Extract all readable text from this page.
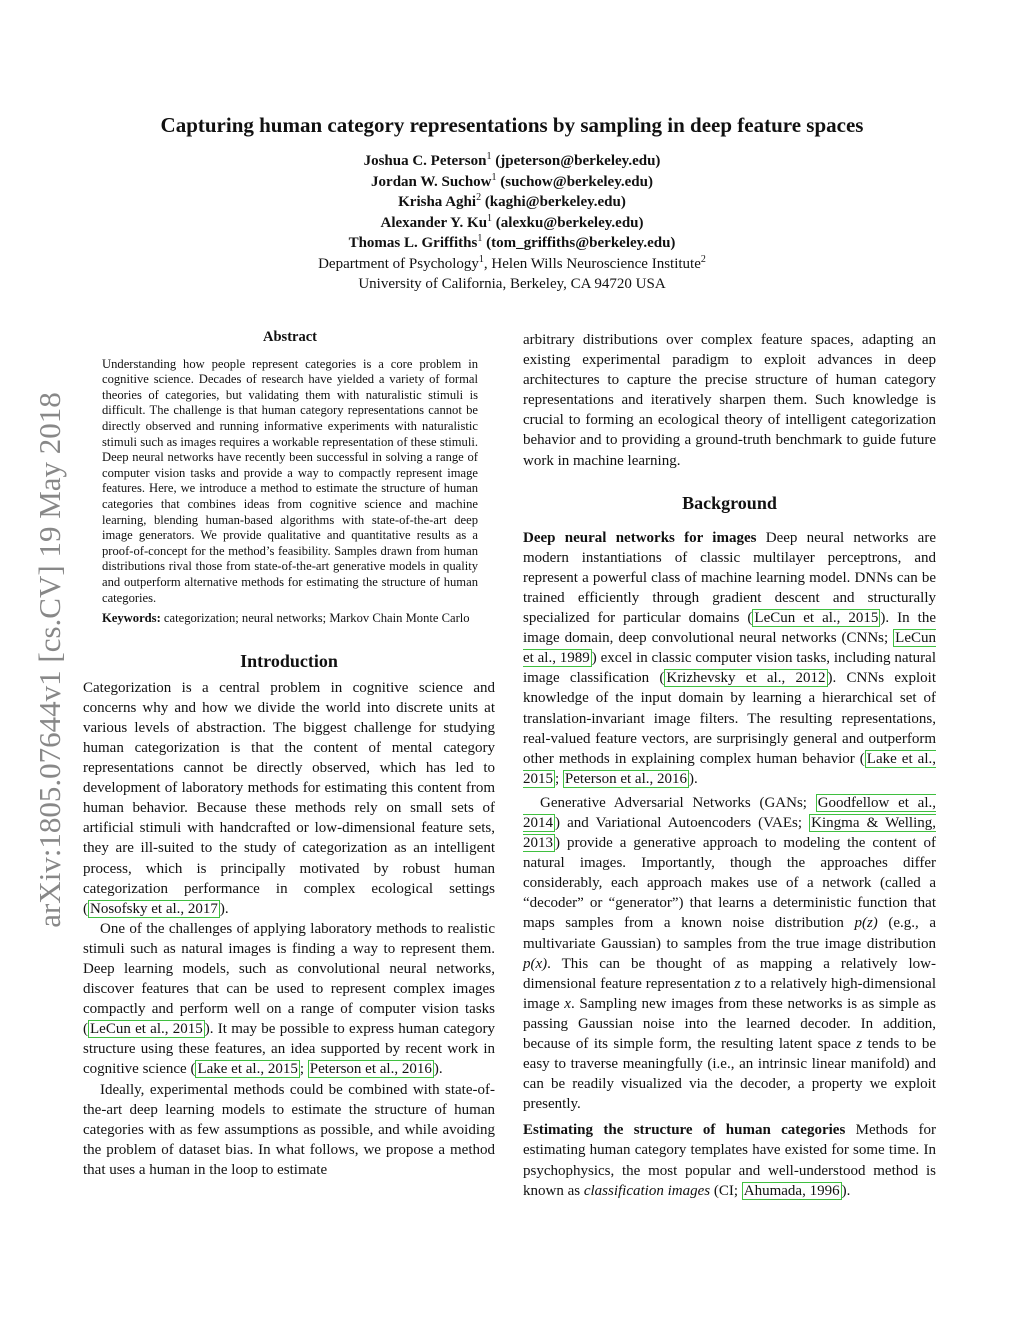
Capturing human category representations by sampling in deep feature spaces
Joshua C. Peterson$^1$ (jpeterson@berkeley.edu)
Jordan W. Suchow$^1$ (suchow@berkeley.edu)
Krisha Aghi$^2$ (kaghi@berkeley.edu)
Alexander Y. Ku$^1$ (alexku@berkeley.edu)
Thomas L. Griffiths$^1$ (tom_griffiths@berkeley.edu)
Department of Psychology$^1$, Helen Wills Neuroscience Institute$^2$
University of California, Berkeley, CA 94720 USA
arXiv:1805.07644v1 [cs.CV] 19 May 2018
Abstract

Understanding how people represent categories is a core problem in cognitive science. Decades of research have yielded a variety of formal theories of categories, but validating them with naturalistic stimuli is difficult. The challenge is that human category representations cannot be directly observed and running informative experiments with naturalistic stimuli such as images requires a workable representation of these stimuli. Deep neural networks have recently been successful in solving a range of computer vision tasks and provide a way to compactly represent image features. Here, we introduce a method to estimate the structure of human categories that combines ideas from cognitive science and machine learning, blending human-based algorithms with state-of-the-art deep image generators. We provide qualitative and quantitative results as a proof-of-concept for the method’s feasibility. Samples drawn from human distributions rival those from state-of-the-art generative models in quality and outperform alternative methods for estimating the structure of human categories.

Keywords: categorization; neural networks; Markov Chain Monte Carlo

Introduction

Categorization is a central problem in cognitive science and concerns why and how we divide the world into discrete units at various levels of abstraction. The biggest challenge for studying human categorization is that the content of mental category representations cannot be directly observed, which has led to development of laboratory methods for estimating this content from human behavior. Because these methods rely on small sets of artificial stimuli with handcrafted or low-dimensional feature sets, they are ill-suited to the study of categorization as an intelligent process, which is principally motivated by robust human categorization performance in complex ecological settings ( Nosofsky et al., 2017 ).

One of the challenges of applying laboratory methods to realistic stimuli such as natural images is finding a way to represent them. Deep learning models, such as convolutional neural networks, discover features that can be used to represent complex images compactly and perform well on a range of computer vision tasks ( LeCun et al., 2015 ). It may be possible to express human category structure using these features, an idea supported by recent work in cognitive science ( Lake et al., 2015 ; Peterson et al., 2016 ).

Ideally, experimental methods could be combined with state-of-the-art deep learning models to estimate the structure of human categories with as few assumptions as possible, and while avoiding the problem of dataset bias. In what follows, we propose a method that uses a human in the loop to estimate

arbitrary distributions over complex feature spaces, adapting an existing experimental paradigm to exploit advances in deep architectures to capture the precise structure of human category representations and iteratively sharpen them. Such knowledge is crucial to forming an ecological theory of intelligent categorization behavior and to providing a ground-truth benchmark to guide future work in machine learning.

Background

Deep neural networks for images Deep neural networks are modern instantiations of classic multilayer perceptrons, and represent a powerful class of machine learning model. DNNs can be trained efficiently through gradient descent and structurally specialized for particular domains ( LeCun et al., 2015 ). In the image domain, deep convolutional neural networks (CNNs; LeCun et al., 1989 ) excel in classic computer vision tasks, including natural image classification ( Krizhevsky et al., 2012 ). CNNs exploit knowledge of the input domain by learning a hierarchical set of translation-invariant image filters. The resulting representations, real-valued feature vectors, are surprisingly general and outperform other methods in explaining complex human behavior ( Lake et al., 2015 ; Peterson et al., 2016 ).

Generative Adversarial Networks (GANs; Goodfellow et al., 2014 ) and Variational Autoencoders (VAEs; Kingma & Welling, 2013 ) provide a generative approach to modeling the content of natural images. Importantly, though the approaches differ considerably, each approach makes use of a network (called a “decoder” or “generator”) that learns a deterministic function that maps samples from a known noise distribution p(z) (e.g., a multivariate Gaussian) to samples from the true image distribution p(x). This can be thought of as mapping a relatively low-dimensional feature representation z to a relatively high-dimensional image x. Sampling new images from these networks is as simple as passing Gaussian noise into the learned decoder. In addition, because of its simple form, the resulting latent space z tends to be easy to traverse meaningfully (i.e., an intrinsic linear manifold) and can be readily visualized via the decoder, a property we exploit presently.

Estimating the structure of human categories Methods for estimating human category templates have existed for some time. In psychophysics, the most popular and well-understood method is known as classification images (CI; Ahumada, 1996 ).
